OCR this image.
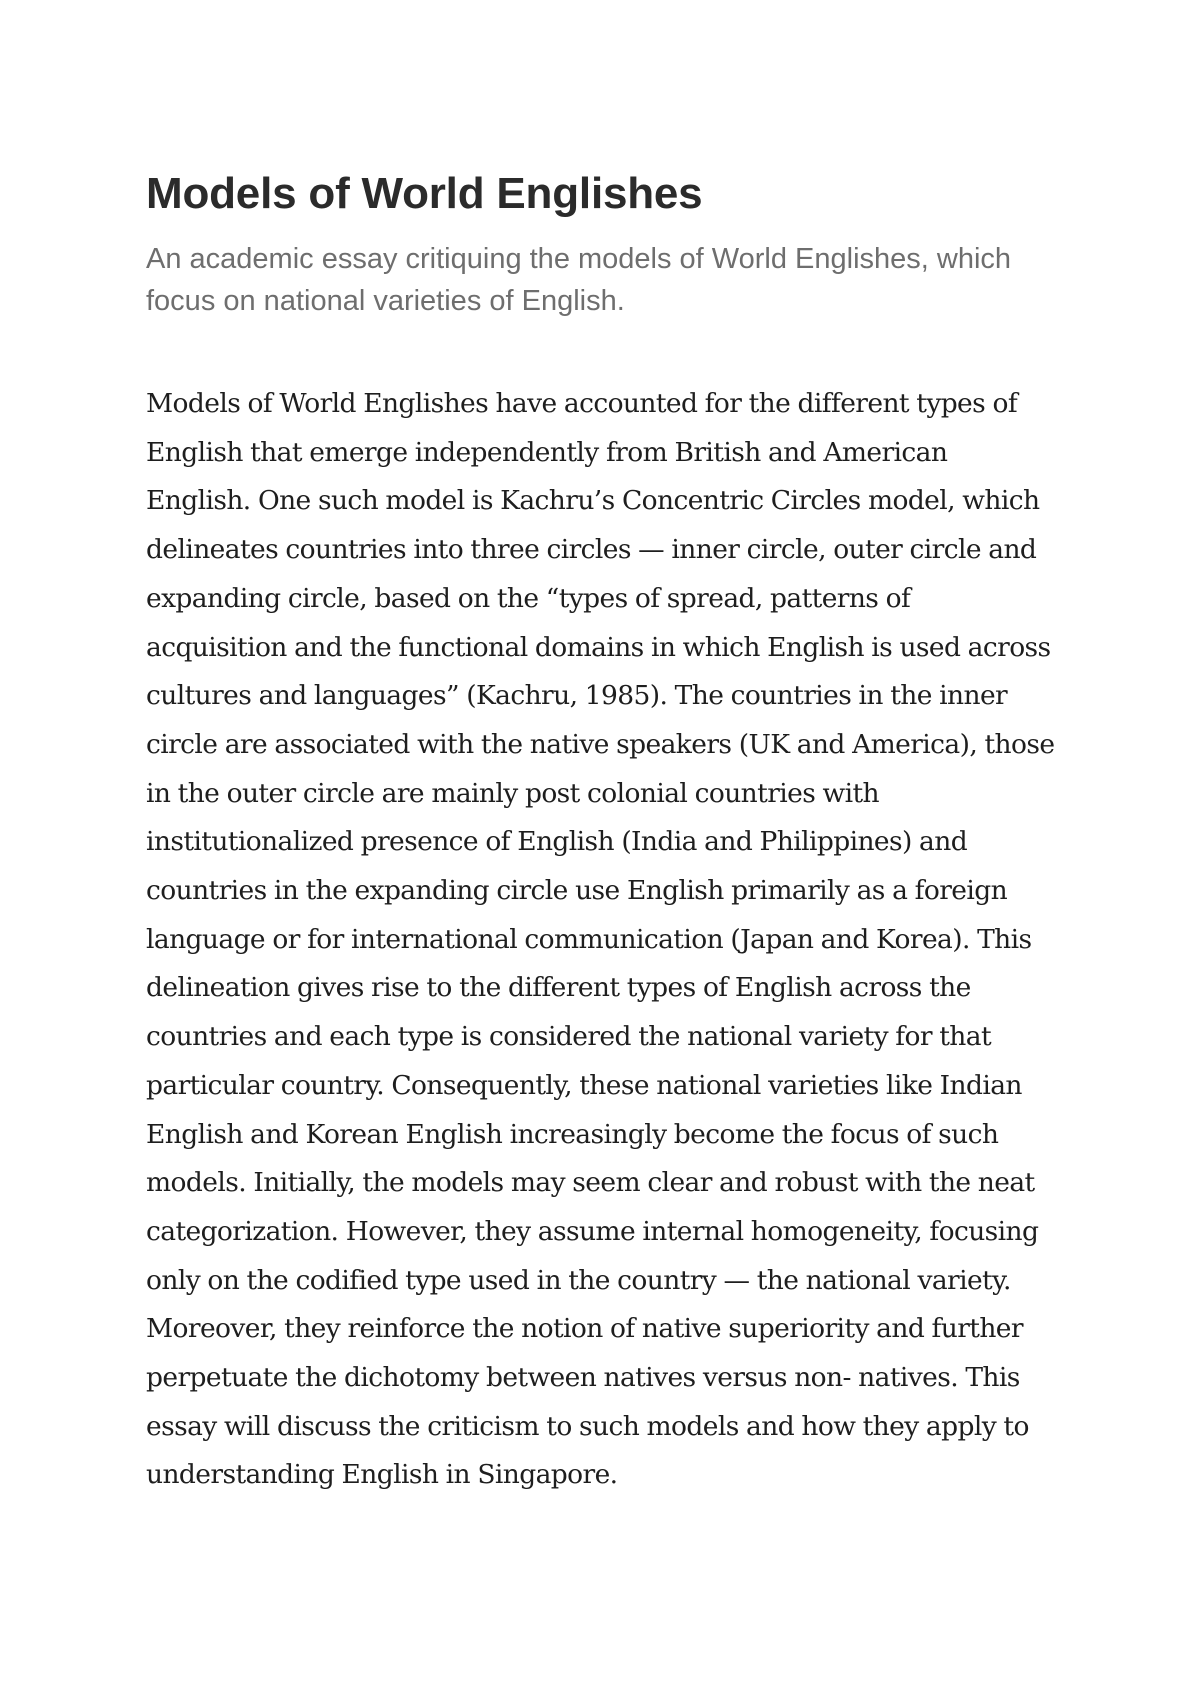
Models of World Englishes

An academic essay critiquing the models of World Englishes, which focus on national varieties of English.

Models of World Englishes have accounted for the different types of English that emerge independently from British and American English. One such model is Kachru’s Concentric Circles model, which delineates countries into three circles — inner circle, outer circle and expanding circle, based on the “types of spread, patterns of acquisition and the functional domains in which English is used across cultures and languages” (Kachru, 1985). The countries in the inner circle are associated with the native speakers (UK and America), those in the outer circle are mainly post colonial countries with institutionalized presence of English (India and Philippines) and countries in the expanding circle use English primarily as a foreign language or for international communication (Japan and Korea). This delineation gives rise to the different types of English across the countries and each type is considered the national variety for that particular country. Consequently, these national varieties like Indian English and Korean English increasingly become the focus of such models. Initially, the models may seem clear and robust with the neat categorization. However, they assume internal homogeneity, focusing only on the codified type used in the country — the national variety. Moreover, they reinforce the notion of native superiority and further perpetuate the dichotomy between natives versus non- natives. This essay will discuss the criticism to such models and how they apply to understanding English in Singapore.
